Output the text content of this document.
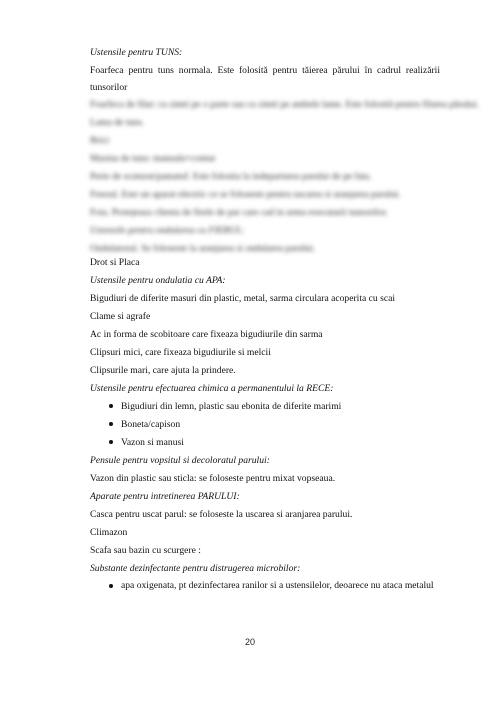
Ustensile pentru TUNS:

Foarfeca pentru tuns normala. Este folosită pentru tăierea părului în cadrul realizării tunsorilor

Foarfeca de filat: cu zimti pe o parte sau cu zimti pe ambele lame. Este folosită pentru filarea părului.

Lama de tuns.

Brici

Masina de tuns: manuala+contur

Perie de scuturat/pamatuf. Este folosita la indepartarea parului de pe fata.

Fenoul. Este un aparat electric ce se foloseste pentru uscarea si aranjarea parului.

Foia. Protejeaza clienta de firele de par care cad in urma executarii tunsorilor.

Ustensile pentru ondularea cu FIERUL:

Ondulatorul. Se foloseste la aranjarea si ondularea parului.

Drot si Placa

Ustensile pentru ondulatia cu APA:

Bigudiuri de diferite masuri din plastic, metal, sarma circulara acoperita cu scai

Clame si agrafe

Ac in forma de scobitoare care fixeaza bigudiurile din sarma

Clipsuri mici, care fixeaza bigudiurile si melcii

Clipsurile mari, care ajuta la prindere.

Ustensile pentru efectuarea chimica a permanentului la RECE:

Bigudiuri din lemn, plastic sau ebonita de diferite marimi
Boneta/capison
Vazon si manusi

Pensule pentru vopsitul si decoloratul parului:

Vazon din plastic sau sticla: se foloseste pentru mixat vopseaua.

Aparate pentru intretinerea PARULUI:

Casca pentru uscat parul: se foloseste la uscarea si aranjarea parului.

Climazon

Scafa sau bazin cu scurgere :

Substante dezinfectante pentru distrugerea microbilor:

apa oxigenata, pt dezinfectarea ranilor si a ustensilelor, deoarece nu ataca metalul
20
